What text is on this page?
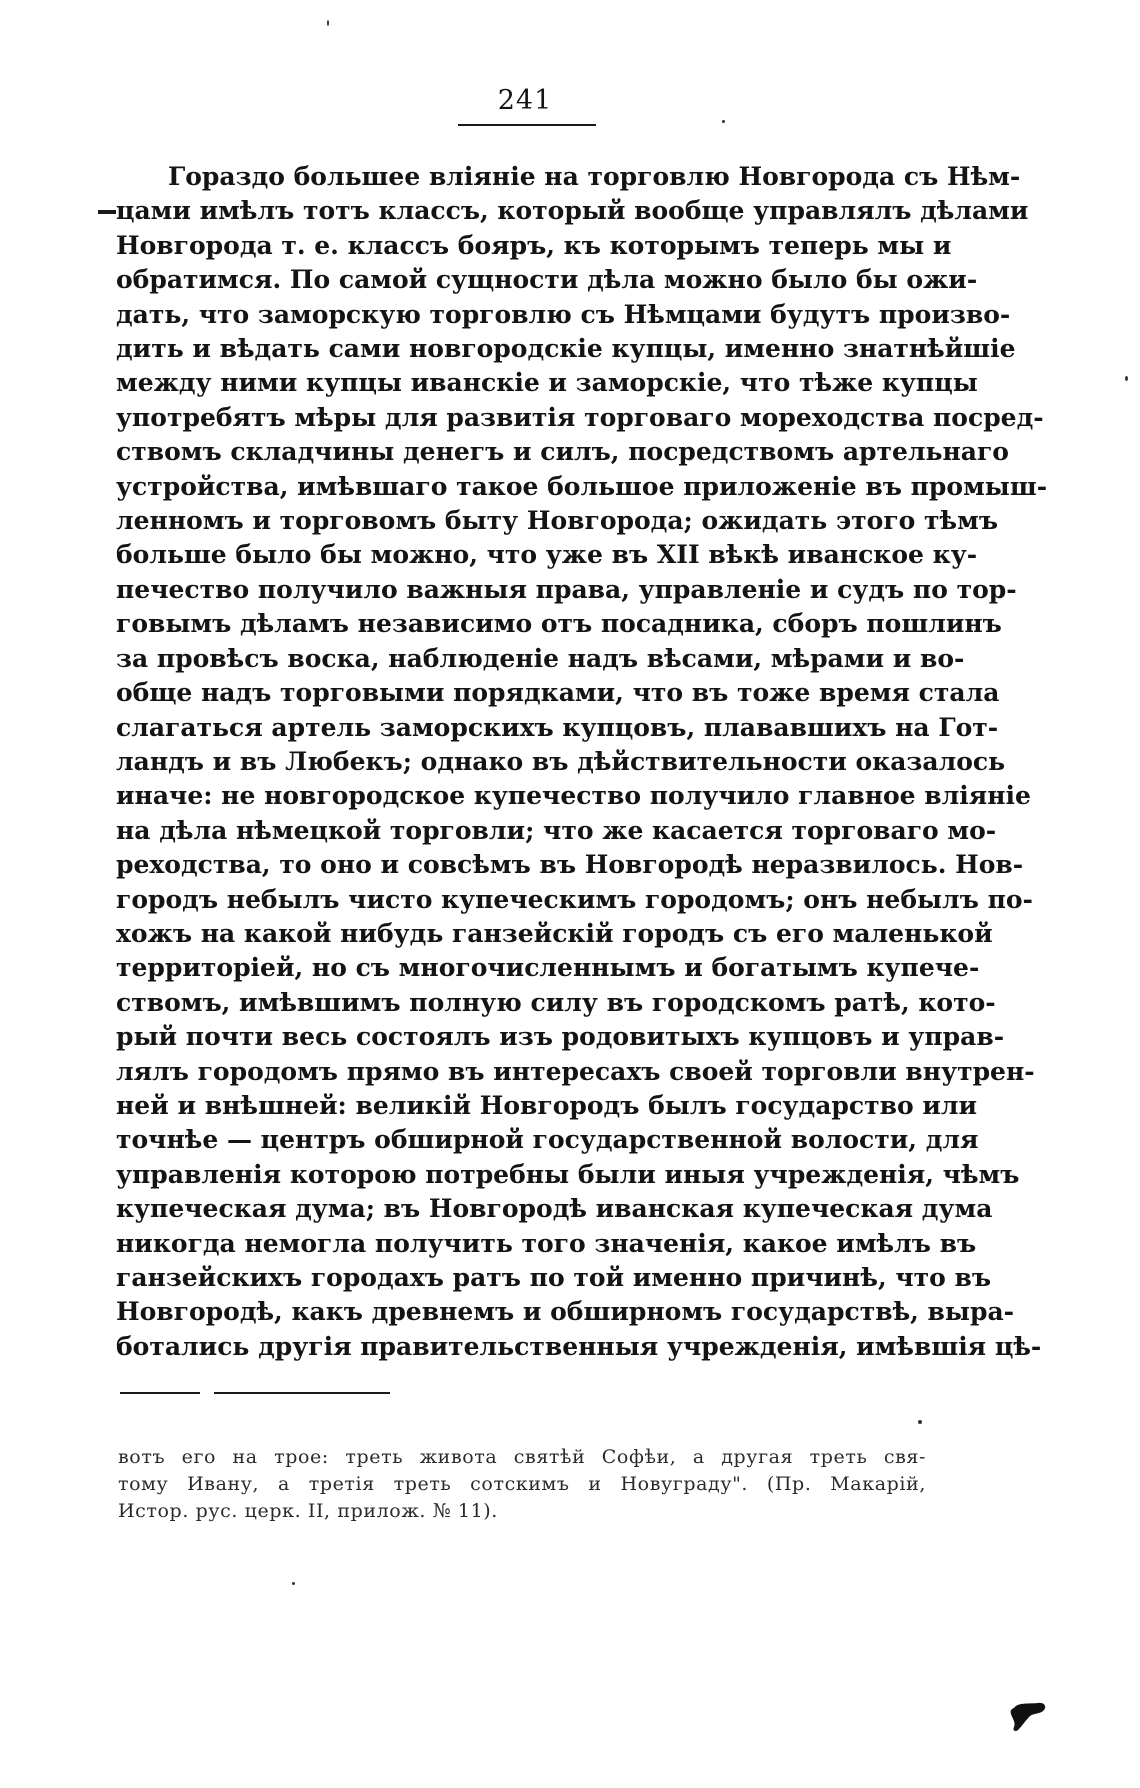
241
Гораздо большее вліяніе на торговлю Новгорода съ Нѣм-
цами имѣлъ тотъ классъ, который вообще управлялъ дѣлами
Новгорода т. е. классъ бояръ, къ которымъ теперь мы и
обратимся. По самой сущности дѣла можно было бы ожи-
дать, что заморскую торговлю съ Нѣмцами будутъ произво-
дить и вѣдать сами новгородскіе купцы, именно знатнѣйшіе
между ними купцы иванскіе и заморскіе, что тѣже купцы
употребятъ мѣры для развитія торговаго мореходства посред-
ствомъ складчины денегъ и силъ, посредствомъ артельнаго
устройства, имѣвшаго такое большое приложеніе въ промыш-
ленномъ и торговомъ быту Новгорода; ожидать этого тѣмъ
больше было бы можно, что уже въ XII вѣкѣ иванское ку-
печество получило важныя права, управленіе и судъ по тор-
говымъ дѣламъ независимо отъ посадника, сборъ пошлинъ
за провѣсъ воска, наблюденіе надъ вѣсами, мѣрами и во-
обще надъ торговыми порядками, что въ тоже время стала
слагаться артель заморскихъ купцовъ, плававшихъ на Гот-
ландъ и въ Любекъ; однако въ дѣйствительности оказалось
иначе: не новгородское купечество получило главное вліяніе
на дѣла нѣмецкой торговли; что же касается торговаго мо-
реходства, то оно и совсѣмъ въ Новгородѣ неразвилось. Нов-
городъ небылъ чисто купеческимъ городомъ; онъ небылъ по-
хожъ на какой нибудь ганзейскій городъ съ его маленькой
территоріей, но съ многочисленнымъ и богатымъ купече-
ствомъ, имѣвшимъ полную силу въ городскомъ ратѣ, кото-
рый почти весь состоялъ изъ родовитыхъ купцовъ и управ-
лялъ городомъ прямо въ интересахъ своей торговли внутрен-
ней и внѣшней: великій Новгородъ былъ государство или
точнѣе — центръ обширной государственной волости, для
управленія которою потребны были иныя учрежденія, чѣмъ
купеческая дума; въ Новгородѣ иванская купеческая дума
никогда немогла получить того значенія, какое имѣлъ въ
ганзейскихъ городахъ ратъ по той именно причинѣ, что въ
Новгородѣ, какъ древнемъ и обширномъ государствѣ, выра-
ботались другія правительственныя учрежденія, имѣвшія цѣ-
вотъ его на трое: треть живота святѣй Софѣи, а другая треть свя-
тому Ивану, а третія треть сотскимъ и Новуграду". (Пр. Макарій,
Истор. рус. церк. II, прилож. № 11).
